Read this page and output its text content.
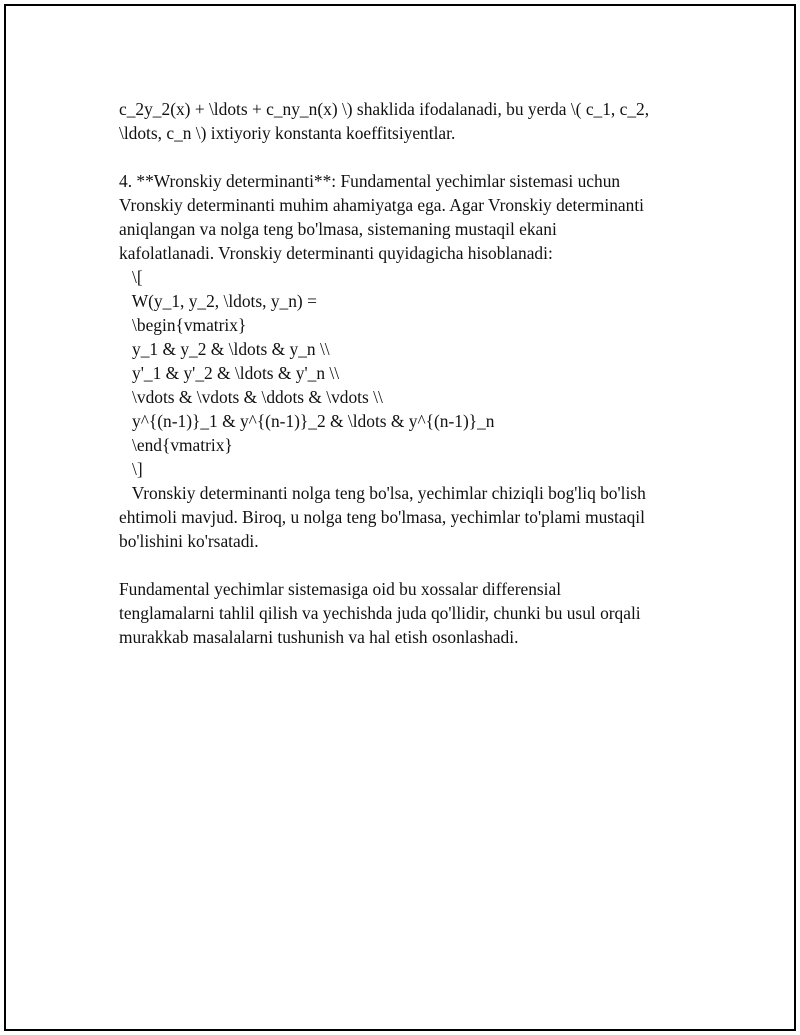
c_2y_2(x) + \ldots + c_ny_n(x) \) shaklida ifodalanadi, bu yerda \( c_1, c_2,
\ldots, c_n \) ixtiyoriy konstanta koeffitsiyentlar.
4. **Wronskiy determinanti**: Fundamental yechimlar sistemasi uchun
Vronskiy determinanti muhim ahamiyatga ega. Agar Vronskiy determinanti
aniqlangan va nolga teng bo'lmasa, sistemaning mustaqil ekani
kafolatlanadi. Vronskiy determinanti quyidagicha hisoblanadi:
\[
W(y_1, y_2, \ldots, y_n) =
\begin{vmatrix}
y_1 & y_2 & \ldots & y_n \\
y'_1 & y'_2 & \ldots & y'_n \\
\vdots & \vdots & \ddots & \vdots \\
y^{(n-1)}_1 & y^{(n-1)}_2 & \ldots & y^{(n-1)}_n
\end{vmatrix}
\]
Vronskiy determinanti nolga teng bo'lsa, yechimlar chiziqli bog'liq bo'lish
ehtimoli mavjud. Biroq, u nolga teng bo'lmasa, yechimlar to'plami mustaqil
bo'lishini ko'rsatadi.
Fundamental yechimlar sistemasiga oid bu xossalar differensial
tenglamalarni tahlil qilish va yechishda juda qo'llidir, chunki bu usul orqali
murakkab masalalarni tushunish va hal etish osonlashadi.
